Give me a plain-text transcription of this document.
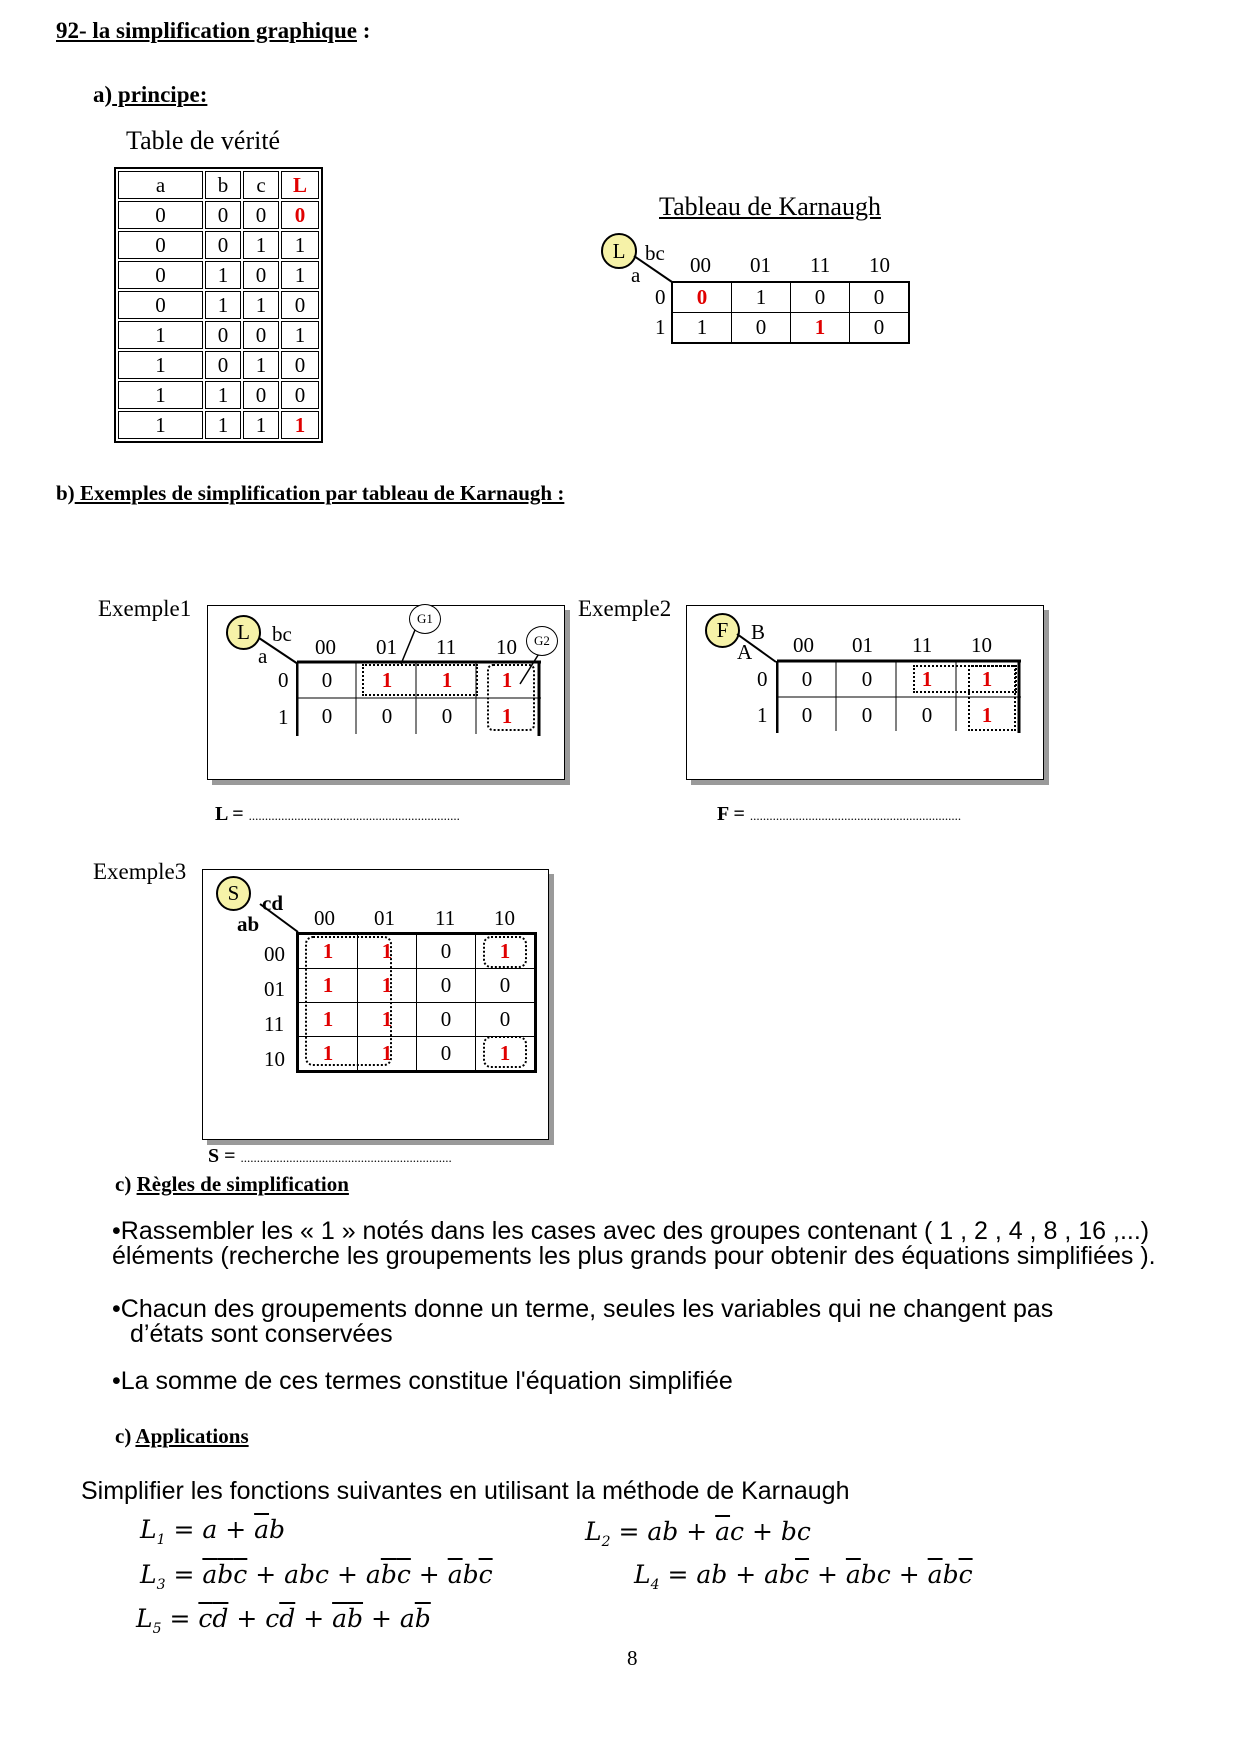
92- la simplification graphique :
a) principe:
Table de vérité
a	b	c	L
0	0	0	0
0	0	1	1
0	1	0	1
0	1	1	0
1	0	0	1
1	0	1	0
1	1	0	0
1	1	1	1
Tableau de Karnaugh
L bc
a 00 01 11 10
0
1
0	1	0	0
1	0	1	0
b) Exemples de simplification par tableau de Karnaugh :
Exemple1
L	bc
a 00 01 11 10
0
1
0	1	1	1
0	0	0	1
G1
G2
L = .................................................................
Exemple2
F	B
A 00 01 11 10
0
1
0	0	1	1
0	0	0	1
F = .................................................................
Exemple3
S	cd
ab	00 01 11 10
00
01
11
10
1	1	0	1
1	1	0	0
1	1	0	0
1	1	0	1
S = .................................................................
c) Règles de simplification
•Rassembler les « 1 » notés dans les cases avec des groupes contenant ( 1 , 2 , 4 , 8 , 16 ,...)
éléments (recherche les groupements les plus grands pour obtenir des équations simplifiées ).
•Chacun des groupements donne un terme, seules les variables qui ne changent pas
d’états sont conservées
•La somme de ces termes constitue l'équation simplifiée
c) Applications
Simplifier les fonctions suivantes en utilisant la méthode de Karnaugh
$L_1 = a + \overline{a}b$	$L_2$ = ab + $\overline{a}c$ + bc
$L_3 = \overline{a}\overline{b}\overline{c}$ + abc + $a\overline{b}\overline{c} + \overline{a}b\overline{c}$	$L_4$ = ab + $ab\overline{c} + \overline{a}bc + \overline{a}b\overline{c}$
$L_5 = \overline{c}\overline{d} + c\overline{d} + \overline{a}\overline{b} + a\overline{b}$
8
